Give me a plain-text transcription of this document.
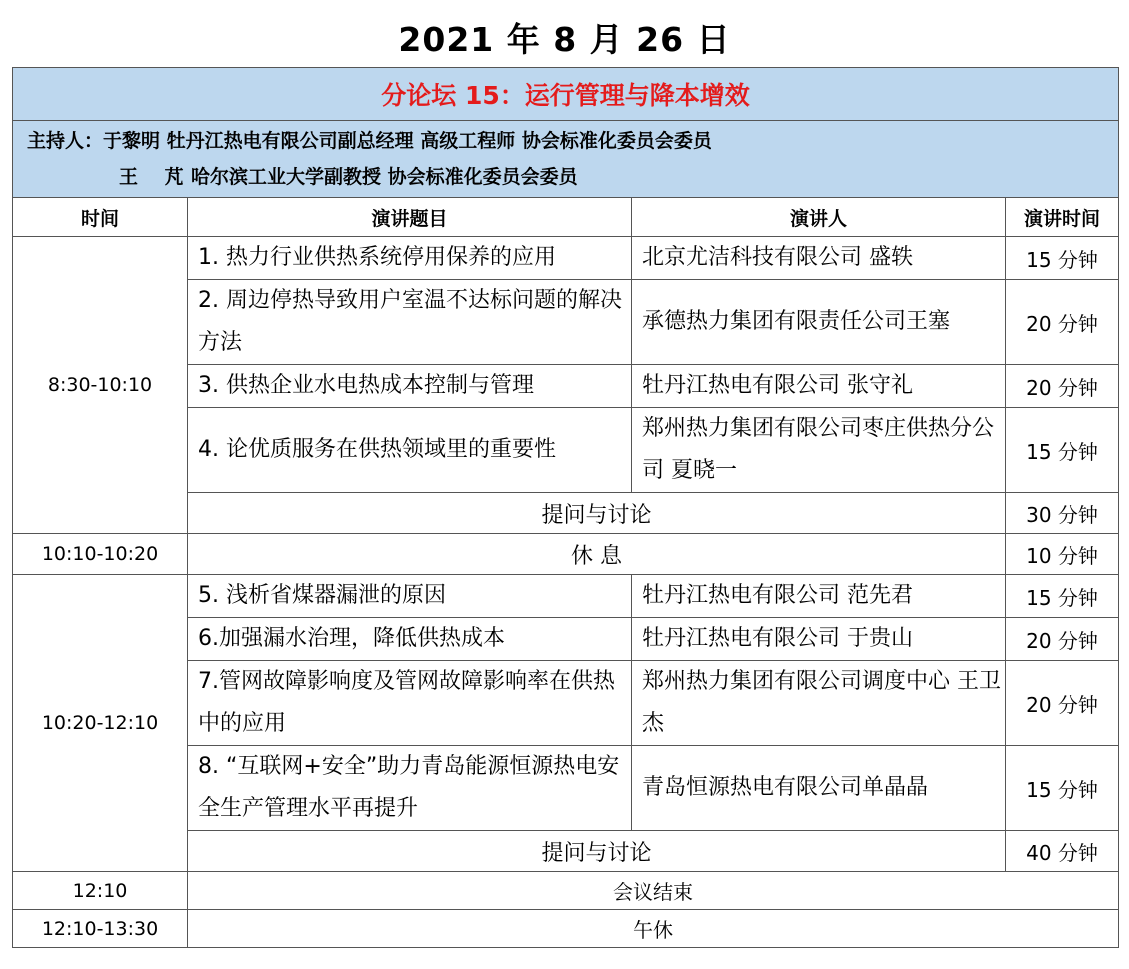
2021 年 8 月 26 日
分论坛 15：运行管理与降本增效			

主持人：于黎明 牡丹江热电有限公司副总经理 高级工程师 协会标准化委员会委员
王 芃哈尔滨工业大学副教授 协会标准化委员会委员			

时间	演讲题目	演讲人	演讲时间
8:30-10:10	1. 热力行业供热系统停用保养的应用	北京尤洁科技有限公司 盛轶	15 分钟
	2. 周边停热导致用户室温不达标问题的解决方法	承德热力集团有限责任公司王塞	20 分钟
	3. 供热企业水电热成本控制与管理	牡丹江热电有限公司 张守礼	20 分钟
	4. 论优质服务在供热领域里的重要性	郑州热力集团有限公司枣庄供热分公司 夏晓一	15 分钟
	提问与讨论		30 分钟
10:10-10:20	休 息		10 分钟
10:20-12:10	5. 浅析省煤器漏泄的原因	牡丹江热电有限公司 范先君	15 分钟
	6.加强漏水治理，降低供热成本	牡丹江热电有限公司 于贵山	20 分钟
	7.管网故障影响度及管网故障影响率在供热中的应用	郑州热力集团有限公司调度中心 王卫杰	20 分钟
	8. “互联网+安全”助力青岛能源恒源热电安全生产管理水平再提升	青岛恒源热电有限公司单晶晶	15 分钟
	提问与讨论		40 分钟
12:10	会议结束		
12:10-13:30	午休		
